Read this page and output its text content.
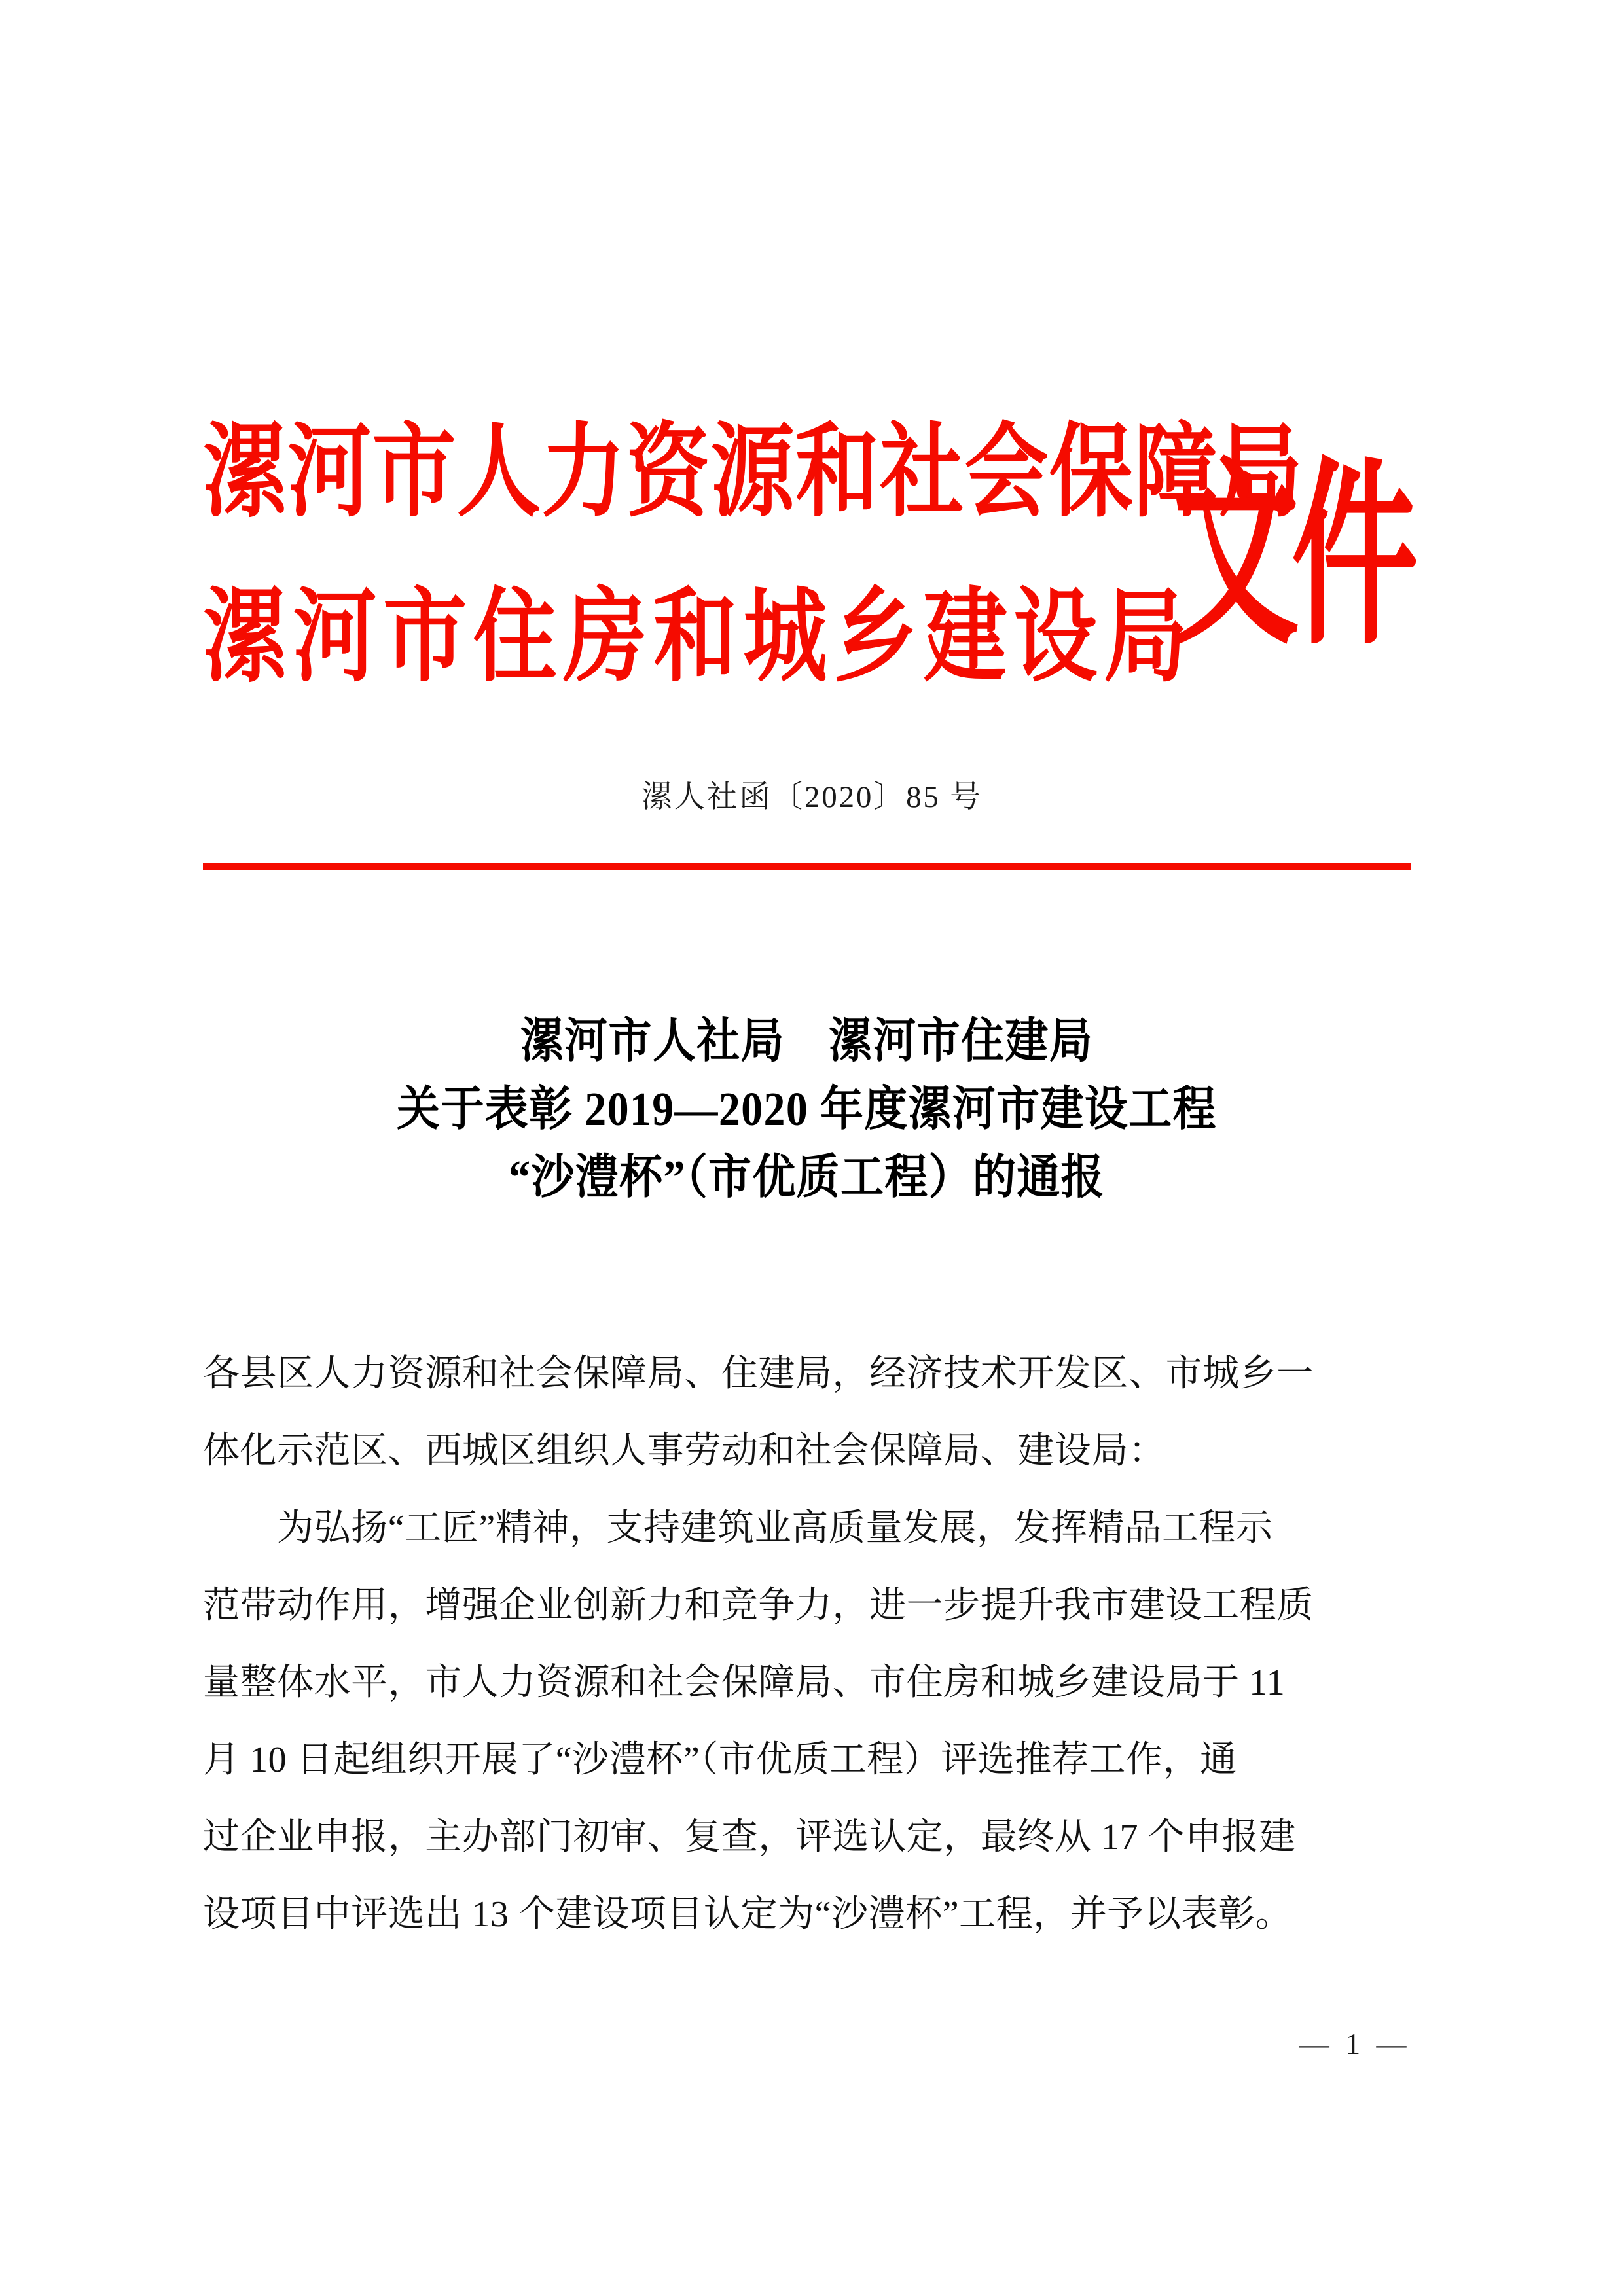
漯河市人力资源和社会保障局
漯河市住房和城乡建设局
文件
漯人社函〔2020〕85 号
漯河市人社局　漯河市住建局
关于表彰 2019—2020 年度漯河市建设工程
“沙澧杯”（市优质工程）的通报
各县区人力资源和社会保障局、住建局，经济技术开发区、市城乡一
体化示范区、西城区组织人事劳动和社会保障局、建设局：
　　为弘扬“工匠”精神，支持建筑业高质量发展，发挥精品工程示
范带动作用，增强企业创新力和竞争力，进一步提升我市建设工程质
量整体水平，市人力资源和社会保障局、市住房和城乡建设局于 11
月 10 日起组织开展了“沙澧杯”（市优质工程）评选推荐工作，通
过企业申报，主办部门初审、复查，评选认定，最终从 17 个申报建
设项目中评选出 13 个建设项目认定为“沙澧杯”工程，并予以表彰。
— 1 —
